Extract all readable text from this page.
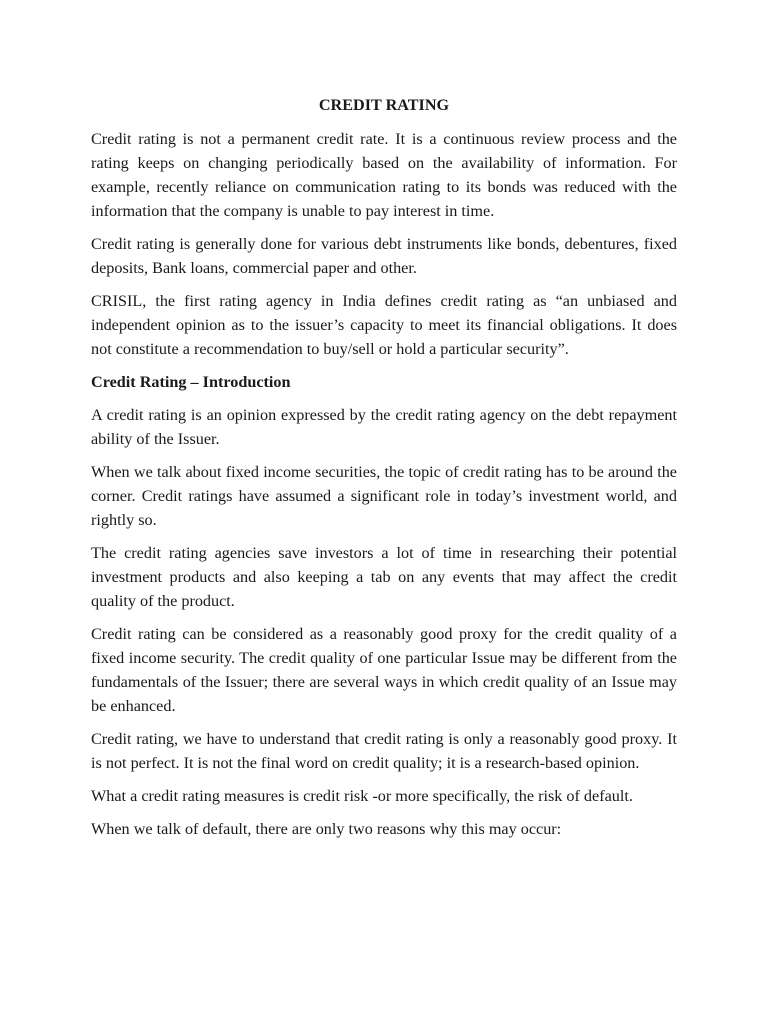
CREDIT RATING

Credit rating is not a permanent credit rate. It is a continuous review process and the rating keeps on changing periodically based on the availability of information. For example, recently reliance on communication rating to its bonds was reduced with the information that the company is unable to pay interest in time.

Credit rating is generally done for various debt instruments like bonds, debentures, fixed deposits, Bank loans, commercial paper and other.

CRISIL, the first rating agency in India defines credit rating as “an unbiased and independent opinion as to the issuer’s capacity to meet its financial obligations. It does not constitute a recommendation to buy/sell or hold a particular security”.

Credit Rating – Introduction

A credit rating is an opinion expressed by the credit rating agency on the debt repayment ability of the Issuer.

When we talk about fixed income securities, the topic of credit rating has to be around the corner. Credit ratings have assumed a significant role in today’s investment world, and rightly so.

The credit rating agencies save investors a lot of time in researching their potential investment products and also keeping a tab on any events that may affect the credit quality of the product.

Credit rating can be considered as a reasonably good proxy for the credit quality of a fixed income security. The credit quality of one particular Issue may be different from the fundamentals of the Issuer; there are several ways in which credit quality of an Issue may be enhanced.

Credit rating, we have to understand that credit rating is only a reasonably good proxy. It is not perfect. It is not the final word on credit quality; it is a research-based opinion.

What a credit rating measures is credit risk -or more specifically, the risk of default.

When we talk of default, there are only two reasons why this may occur:
